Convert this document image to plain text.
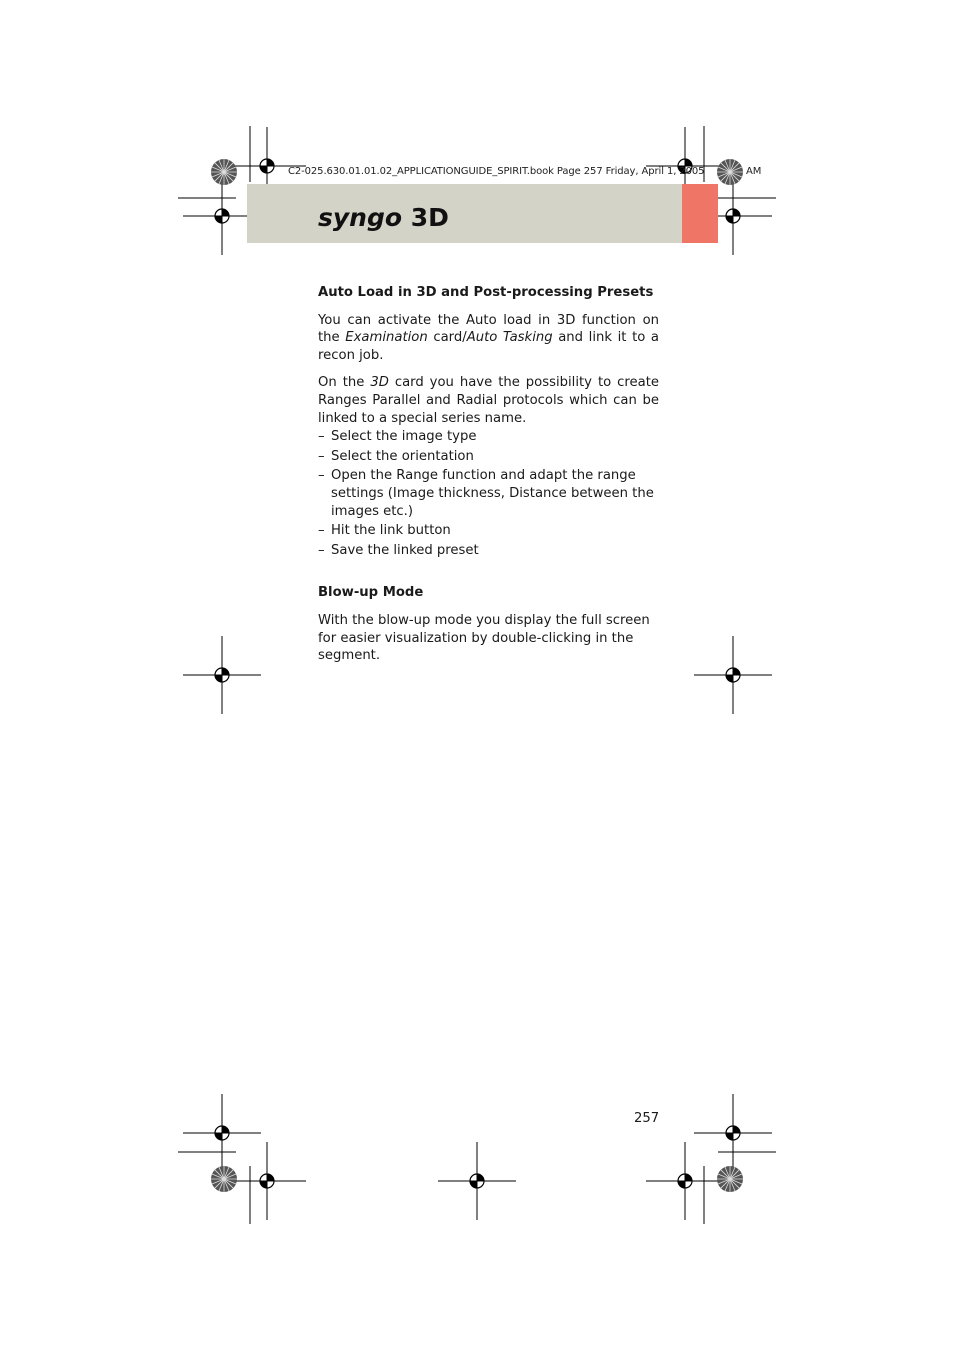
C2-025.630.01.01.02_APPLICATIONGUIDE_SPIRIT.book Page 257 Friday, April 1, 2005	AM
syngo 3D
Auto Load in 3D and Post-processing Presets

You can activate the Auto load in 3D function on the Examination card/Auto Tasking and link it to a recon job.

On the 3D card you have the possibility to create Ranges Parallel and Radial protocols which can be linked to a special series name.

– Select the image type
– Select the orientation
– Open the Range function and adapt the range settings (Image thickness, Distance between the images etc.)
– Hit the link button
– Save the linked preset
Blow-up Mode

With the blow-up mode you display the full screen for easier visualization by double-clicking in the segment.

257
